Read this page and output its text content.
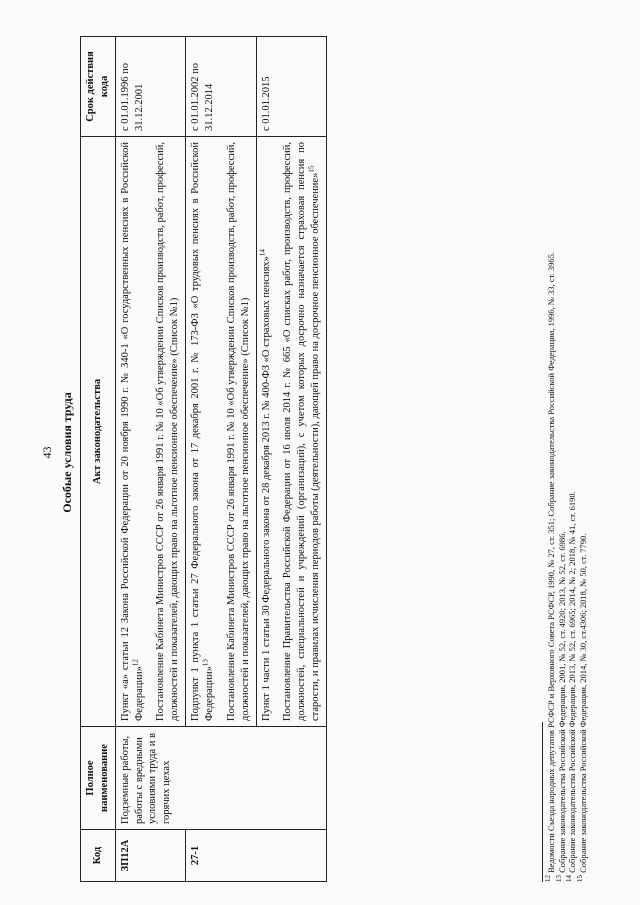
43 Особые условия труда
Код	Полное наименование	Акт законодательства	Срок действия кода
ЗП12А	Подземные работы, работы с вредными условиями труда и в горячих цехах	Пункт «а» статьи 12 Закона Российской Федерации от 20 ноября 1990 г. № 340-1 «О государственных пенсиях в Российской Федерации»$^{12}$ Постановление Кабинета Министров СССР от 26 января 1991 г. № 10 «Об утверждении Списков производств, работ, профессий, должностей и показателей, дающих право на льготное пенсионное обеспечение» (Список №1)	с 01.01.1996 по 31.12.2001
27-1		Подпункт 1 пункта 1 статьи 27 Федерального закона от 17 декабря 2001 г. № 173-ФЗ «О трудовых пенсиях в Российской Федерации»$^{13}$ Постановление Кабинета Министров СССР от 26 января 1991 г. № 10 «Об утверждении Списков производств, работ, профессий, должностей и показателей, дающих право на льготное пенсионное обеспечение» (Список №1)	с 01.01.2002 по 31.12.2014

		Пункт 1 части 1 статьи 30 Федерального закона от 28 декабря 2013 г. № 400-ФЗ «О страховых пенсиях»$^{14}$ Постановление Правительства Российской Федерации от 16 июля 2014 г. № 665 «О списках работ, производств, профессий, должностей, специальностей и учреждений (организаций), с учетом которых досрочно назначается страховая пенсия по старости, и правилах исчисления периодов работы (деятельности), дающей право на досрочное пенсионное обеспечение»$^{15}$	с 01.01.2015
$^{12}$ Ведомости Съезда народных депутатов РСФСР и Верховного Совета РСФСР, 1990, № 27, ст. 351; Собрание законодательства Российской Федерации, 1996, № 33, ст. 3965.
$^{13}$ Собрание законодательства Российской Федерации, 2001, № 52, ст. 4920; 2013, № 52, ст. 6986.
$^{14}$ Собрание законодательства Российской Федерации, 2013, № 52, ст. 6965; 2014, № 2; 2018, № 41, ст. 6190.
$^{15}$ Собрание законодательства Российской Федерации, 2014, № 30, ст.4306; 2018, № 50, ст. 7790.
